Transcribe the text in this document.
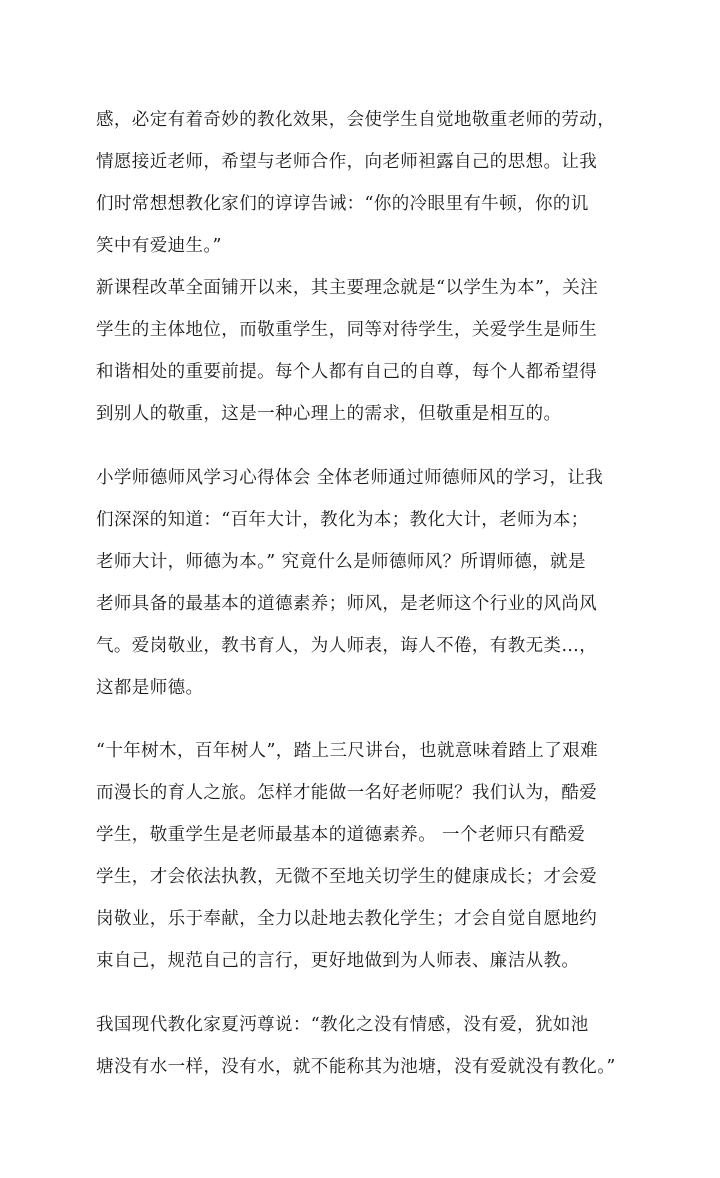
感，必定有着奇妙的教化效果，会使学生自觉地敬重老师的劳动，
情愿接近老师，希望与老师合作，向老师袒露自己的思想。让我
们时常想想教化家们的谆谆告诫：“你的冷眼里有牛顿，你的讥
笑中有爱迪生。”
新课程改革全面铺开以来，其主要理念就是“以学生为本”，关注
学生的主体地位，而敬重学生，同等对待学生，关爱学生是师生
和谐相处的重要前提。每个人都有自己的自尊，每个人都希望得
到别人的敬重，这是一种心理上的需求，但敬重是相互的。
小学师德师风学习心得体会 全体老师通过师德师风的学习，让我
们深深的知道：“百年大计，教化为本；教化大计，老师为本；
老师大计，师德为本。” 究竟什么是师德师风？所谓师德，就是
老师具备的最基本的道德素养；师风，是老师这个行业的风尚风
气。爱岗敬业，教书育人，为人师表，诲人不倦，有教无类…，
这都是师德。
“十年树木，百年树人”，踏上三尺讲台，也就意味着踏上了艰难
而漫长的育人之旅。怎样才能做一名好老师呢？我们认为，酷爱
学生，敬重学生是老师最基本的道德素养。 一个老师只有酷爱
学生，才会依法执教，无微不至地关切学生的健康成长；才会爱
岗敬业，乐于奉献，全力以赴地去教化学生；才会自觉自愿地约
束自己，规范自己的言行，更好地做到为人师表、廉洁从教。
我国现代教化家夏沔尊说：“教化之没有情感，没有爱，犹如池
塘没有水一样，没有水，就不能称其为池塘，没有爱就没有教化。”
